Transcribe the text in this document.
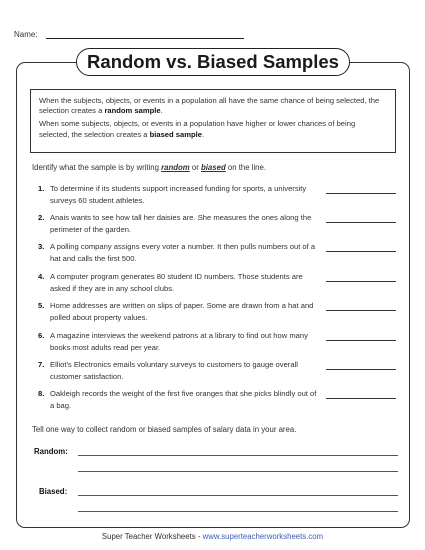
Name:
Random vs. Biased Samples

When the subjects, objects, or events in a population all have the same chance of being selected, the selection creates a random sample.

When some subjects, objects, or events in a population have higher or lower chances of being selected, the selection creates a biased sample.

Identify what the sample is by writing random or biased on the line.
1. To determine if its students support increased funding for sports, a university surveys 60 student athletes.
2. Anais wants to see how tall her daisies are. She measures the ones along the perimeter of the garden.
3. A polling company assigns every voter a number. It then pulls numbers out of a hat and calls the first 500.
4. A computer program generates 80 student ID numbers. Those students are asked if they are in any school clubs.
5. Home addresses are written on slips of paper. Some are drawn from a hat and polled about property values.
6. A magazine interviews the weekend patrons at a library to find out how many books most adults read per year.
7. Elliot's Electronics emails voluntary surveys to customers to gauge overall customer satisfaction.
8. Oakleigh records the weight of the first five oranges that she picks blindly out of a bag.
Tell one way to collect random or biased samples of salary data in your area.
Random:
Biased:
Super Teacher Worksheets - www.superteacherworksheets.com
